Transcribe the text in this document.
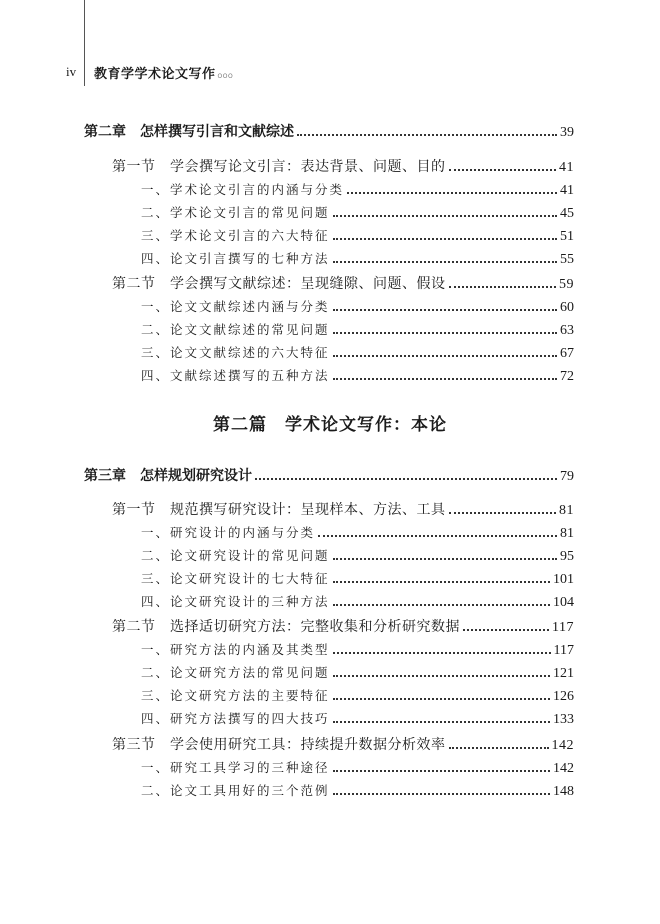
iv 教育学学术论文写作 OOO
第二章　怎样撰写引言和文献综述	39
第一节　学会撰写论文引言：表达背景、问题、目的	41
一、学术论文引言的内涵与分类	41
二、学术论文引言的常见问题	45
三、学术论文引言的六大特征	51
四、论文引言撰写的七种方法	55
第二节　学会撰写文献综述：呈现缝隙、问题、假设	59
一、论文文献综述内涵与分类	60
二、论文文献综述的常见问题	63
三、论文文献综述的六大特征	67
四、文献综述撰写的五种方法	72
第二篇　学术论文写作：本论
第三章　怎样规划研究设计	79
第一节　规范撰写研究设计：呈现样本、方法、工具	81
一、研究设计的内涵与分类	81
二、论文研究设计的常见问题	95
三、论文研究设计的七大特征	101
四、论文研究设计的三种方法	104
第二节　选择适切研究方法：完整收集和分析研究数据	117
一、研究方法的内涵及其类型	117
二、论文研究方法的常见问题	121
三、论文研究方法的主要特征	126
四、研究方法撰写的四大技巧	133
第三节　学会使用研究工具：持续提升数据分析效率	142
一、研究工具学习的三种途径	142
二、论文工具用好的三个范例	148
